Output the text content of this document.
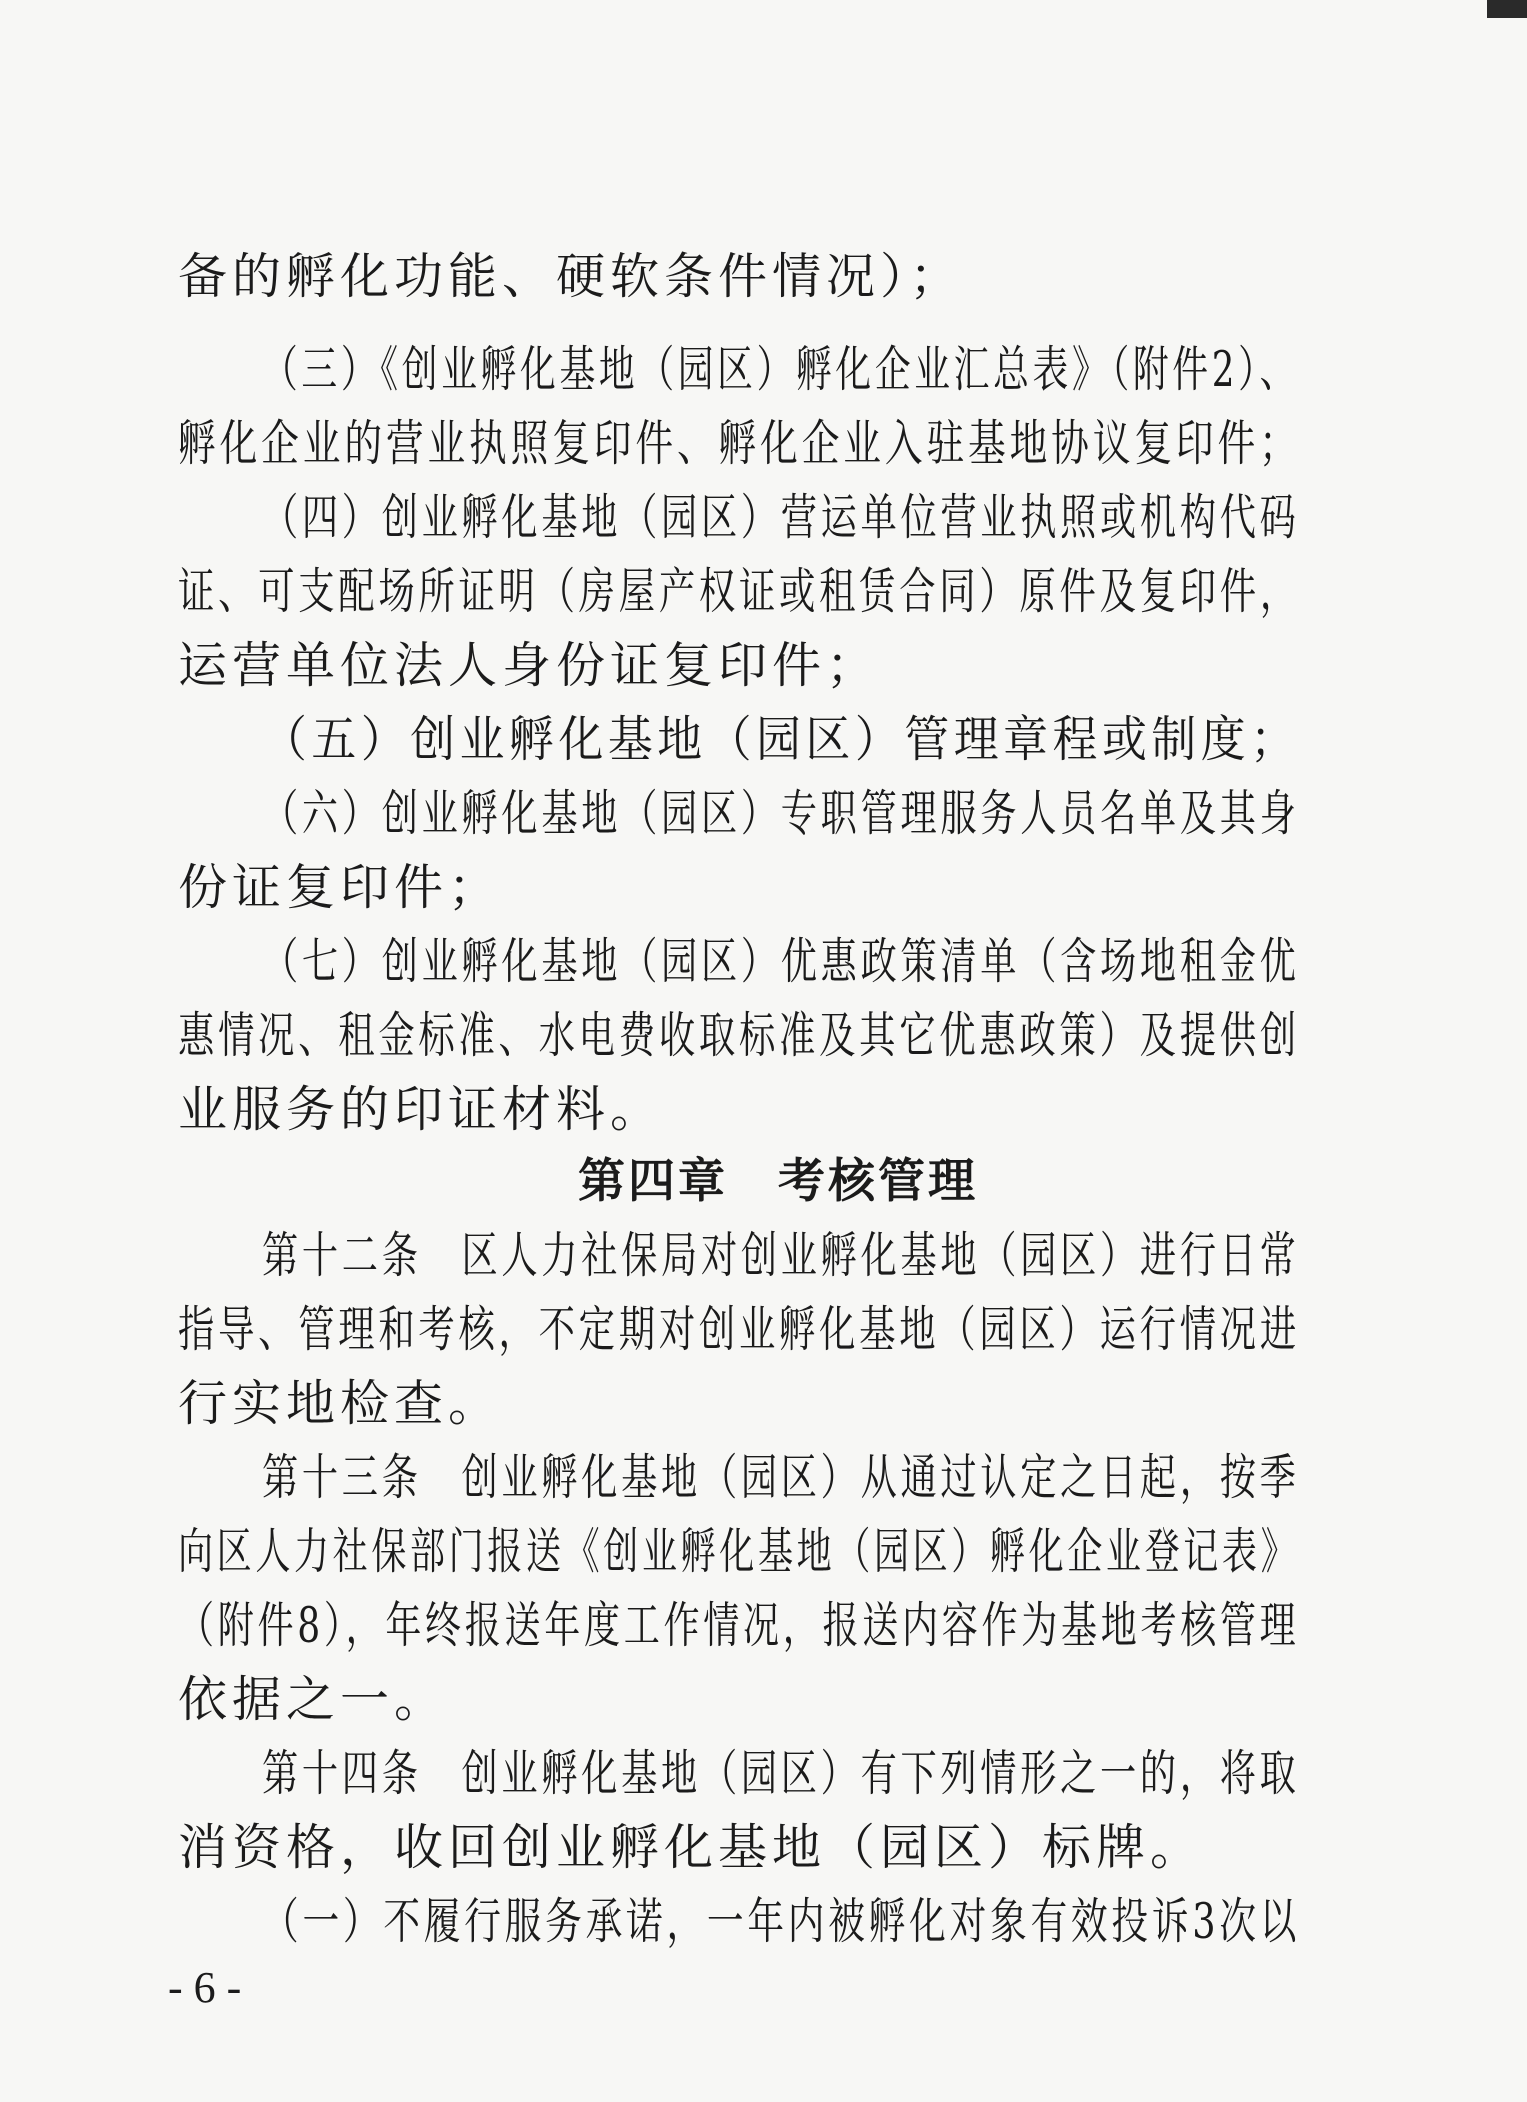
备的孵化功能、硬软条件情况）；
（三）《创业孵化基地（园区）孵化企业汇总表》（附件2）、
孵化企业的营业执照复印件、孵化企业入驻基地协议复印件；
（四）创业孵化基地（园区）营运单位营业执照或机构代码
证、可支配场所证明（房屋产权证或租赁合同）原件及复印件，
运营单位法人身份证复印件；
（五）创业孵化基地（园区）管理章程或制度；
（六）创业孵化基地（园区）专职管理服务人员名单及其身
份证复印件；
（七）创业孵化基地（园区）优惠政策清单（含场地租金优
惠情况、租金标准、水电费收取标准及其它优惠政策）及提供创
业服务的印证材料。
第四章　考核管理
第十二条　区人力社保局对创业孵化基地（园区）进行日常
指导、管理和考核，不定期对创业孵化基地（园区）运行情况进
行实地检查。
第十三条　创业孵化基地（园区）从通过认定之日起，按季
向区人力社保部门报送《创业孵化基地（园区）孵化企业登记表》
（附件8），年终报送年度工作情况，报送内容作为基地考核管理
依据之一。
第十四条　创业孵化基地（园区）有下列情形之一的，将取
消资格，收回创业孵化基地（园区）标牌。
（一）不履行服务承诺，一年内被孵化对象有效投诉3次以
- 6 -
